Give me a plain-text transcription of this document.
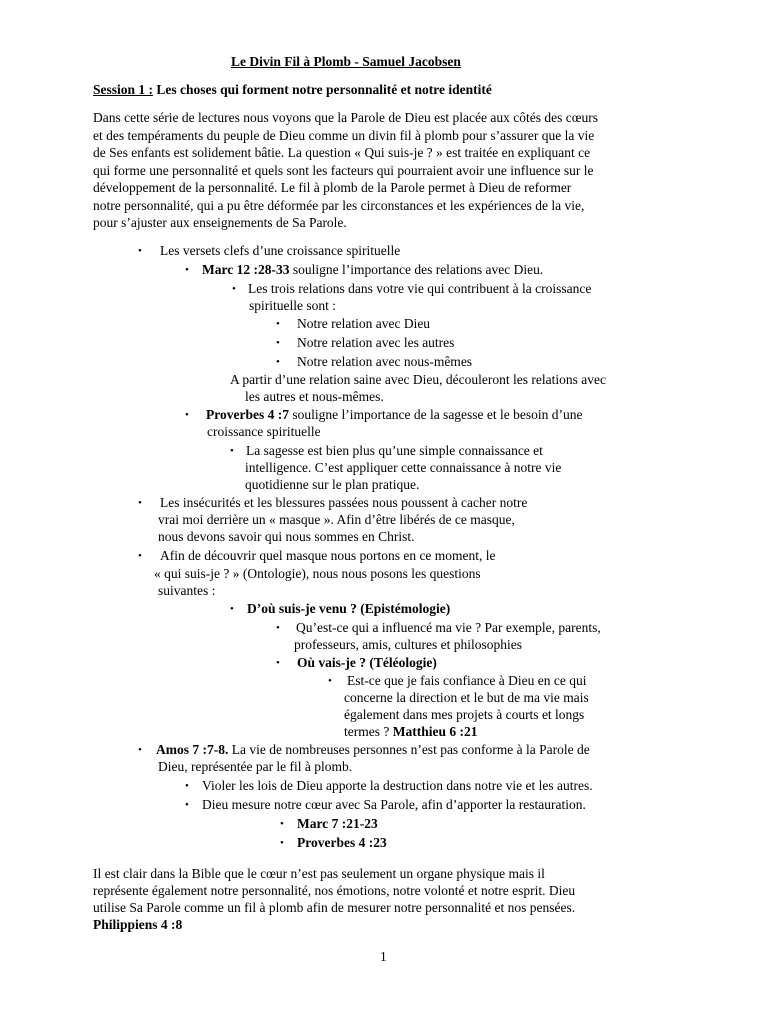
Le Divin Fil à Plomb - Samuel Jacobsen
Session 1 : Les choses qui forment notre personnalité et notre identité
Dans cette série de lectures nous voyons que la Parole de Dieu est placée aux côtés des cœurs
et des tempéraments du peuple de Dieu comme un divin fil à plomb pour s’assurer que la vie
de Ses enfants est solidement bâtie. La question « Qui suis-je ? » est traitée en expliquant ce
qui forme une personnalité et quels sont les facteurs qui pourraient avoir une influence sur le
développement de la personnalité. Le fil à plomb de la Parole permet à Dieu de reformer
notre personnalité, qui a pu être déformée par les circonstances et les expériences de la vie,
pour s’ajuster aux enseignements de Sa Parole.
• Les versets clefs d’une croissance spirituelle
• Marc 12 :28-33 souligne l’importance des relations avec Dieu.
• Les trois relations dans votre vie qui contribuent à la croissance
spirituelle sont :
• Notre relation avec Dieu
• Notre relation avec les autres
• Notre relation avec nous-mêmes
A partir d’une relation saine avec Dieu, découleront les relations avec
les autres et nous-mêmes.
• Proverbes 4 :7 souligne l’importance de la sagesse et le besoin d’une
croissance spirituelle
• La sagesse est bien plus qu’une simple connaissance et
intelligence. C’est appliquer cette connaissance à notre vie
quotidienne sur le plan pratique.
• Les insécurités et les blessures passées nous poussent à cacher notre
vrai moi derrière un « masque ». Afin d’être libérés de ce masque,
nous devons savoir qui nous sommes en Christ.
• Afin de découvrir quel masque nous portons en ce moment, le
« qui suis-je ? » (Ontologie), nous nous posons les questions
suivantes :
• D’où suis-je venu ? (Epistémologie)
• Qu’est-ce qui a influencé ma vie ? Par exemple, parents,
professeurs, amis, cultures et philosophies
• Où vais-je ? (Téléologie)
• Est-ce que je fais confiance à Dieu en ce qui
concerne la direction et le but de ma vie mais
également dans mes projets à courts et longs
termes ? Matthieu 6 :21
• Amos 7 :7-8. La vie de nombreuses personnes n’est pas conforme à la Parole de
Dieu, représentée par le fil à plomb.
• Violer les lois de Dieu apporte la destruction dans notre vie et les autres.
• Dieu mesure notre cœur avec Sa Parole, afin d’apporter la restauration.
• Marc 7 :21-23
• Proverbes 4 :23
Il est clair dans la Bible que le cœur n’est pas seulement un organe physique mais il
représente également notre personnalité, nos émotions, notre volonté et notre esprit. Dieu
utilise Sa Parole comme un fil à plomb afin de mesurer notre personnalité et nos pensées.
Philippiens 4 :8
1
